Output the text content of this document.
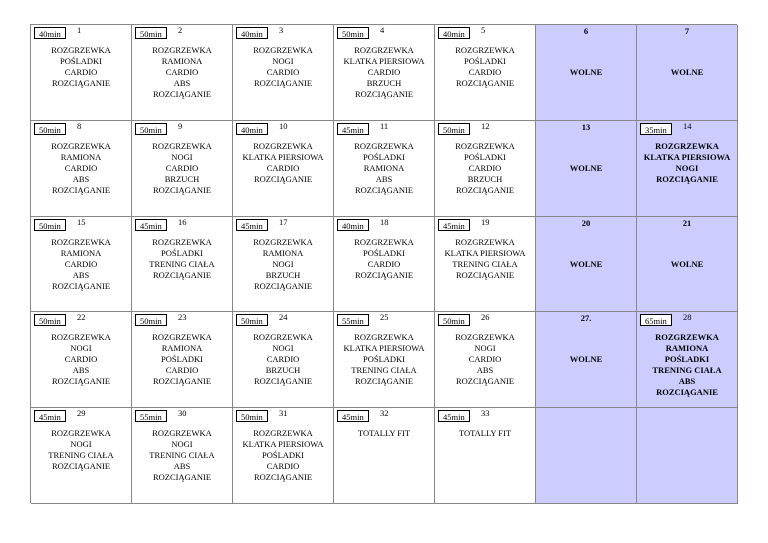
40min	1
ROZGRZEWKA
POŚLADKI
CARDIO
ROZCIĄGANIE
50min	2
ROZGRZEWKA
RAMIONA
CARDIO
ABS
ROZCIĄGANIE
40min	3
ROZGRZEWKA
NOGI
CARDIO
ROZCIĄGANIE
50min	4
ROZGRZEWKA
KLATKA PIERSIOWA
CARDIO
BRZUCH
ROZCIĄGANIE
40min	5
ROZGRZEWKA
POŚLADKI
CARDIO
ROZCIĄGANIE
6
WOLNE
7
WOLNE
50min	8
ROZGRZEWKA
RAMIONA
CARDIO
ABS
ROZCIĄGANIE
50min	9
ROZGRZEWKA
NOGI
CARDIO
BRZUCH
ROZCIĄGANIE
40min	10
ROZGRZEWKA
KLATKA PIERSIOWA
CARDIO
ROZCIĄGANIE
45min	11
ROZGRZEWKA
POŚLADKI
RAMIONA
ABS
ROZCIĄGANIE
50min	12
ROZGRZEWKA
POŚLADKI
CARDIO
BRZUCH
ROZCIĄGANIE
13
WOLNE
35min	14
ROZGRZEWKA
KLATKA PIERSIOWA
NOGI
ROZCIĄGANIE
50min	15
ROZGRZEWKA
RAMIONA
CARDIO
ABS
ROZCIĄGANIE
45min	16
ROZGRZEWKA
POŚLADKI
TRENING CIAŁA
ROZCIĄGANIE
45min	17
ROZGRZEWKA
RAMIONA
NOGI
BRZUCH
ROZCIĄGANIE
40min	18
ROZGRZEWKA
POŚLADKI
CARDIO
ROZCIĄGANIE
45min	19
ROZGRZEWKA
KLATKA PIERSIOWA
TRENING CIAŁA
ROZCIĄGANIE
20
WOLNE
21
WOLNE
50min	22
ROZGRZEWKA
NOGI
CARDIO
ABS
ROZCIĄGANIE
50min	23
ROZGRZEWKA
RAMIONA
POŚLADKI
CARDIO
ROZCIĄGANIE
50min	24
ROZGRZEWKA
NOGI
CARDIO
BRZUCH
ROZCIĄGANIE
55min	25
ROZGRZEWKA
KLATKA PIERSIOWA
POŚLADKI
TRENING CIAŁA
ROZCIĄGANIE
50min	26
ROZGRZEWKA
NOGI
CARDIO
ABS
ROZCIĄGANIE
27.
WOLNE
65min	28
ROZGRZEWKA
RAMIONA
POŚLADKI
TRENING CIAŁA
ABS
ROZCIĄGANIE
45min	29
ROZGRZEWKA
NOGI
TRENING CIAŁA
ROZCIĄGANIE
55min	30
ROZGRZEWKA
NOGI
TRENING CIAŁA
ABS
ROZCIĄGANIE
50min	31
ROZGRZEWKA
KLATKA PIERSIOWA
POŚLADKI
CARDIO
ROZCIĄGANIE
45min	32
TOTALLY FIT
45min	33
TOTALLY FIT
